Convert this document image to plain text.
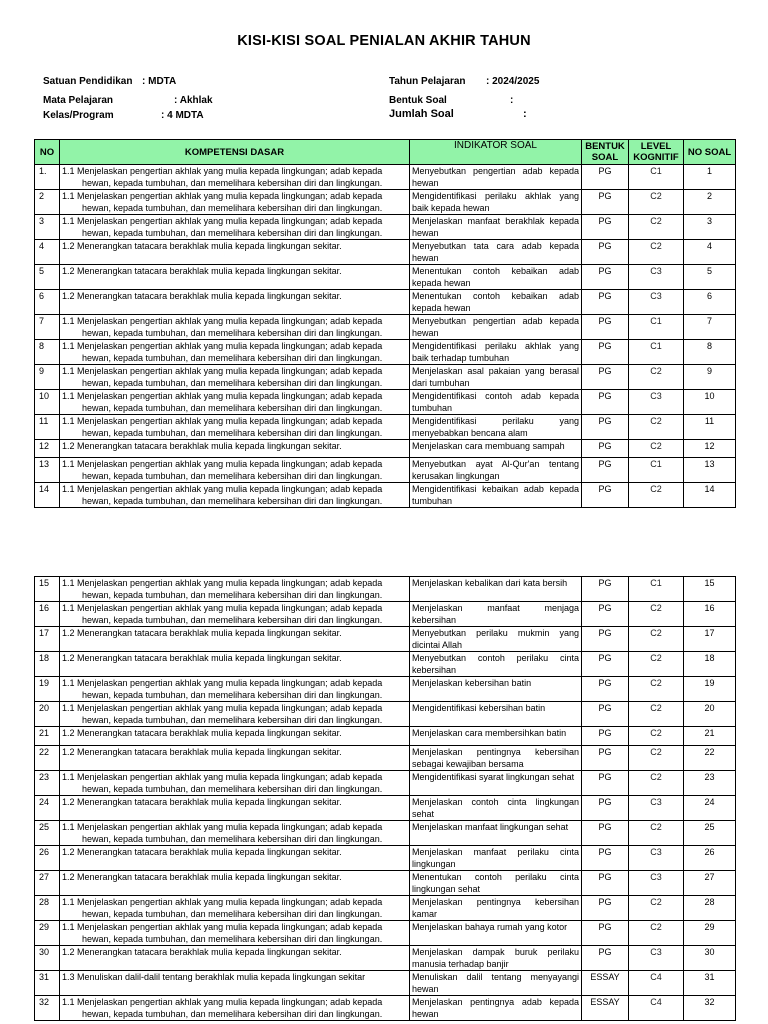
KISI-KISI SOAL PENIALAN AKHIR TAHUN
Satuan Pendidikan : MDTA
Mata Pelajaran	: Akhlak
Kelas/Program	: 4 MDTA
Tahun Pelajaran : 2024/2025
Bentuk Soal	:
Jumlah Soal	:
NO	KOMPETENSI DASAR	INDIKATOR SOAL	BENTUK SOAL	LEVEL KOGNITIF	NO SOAL
1.	1.1 Menjelaskan pengertian akhlak yang mulia kepada lingkungan; adab kepada
hewan, kepada tumbuhan, dan memelihara kebersihan diri dan lingkungan.	Menyebutkan pengertian adab kepada hewan	PG	C1	1
2	1.1 Menjelaskan pengertian akhlak yang mulia kepada lingkungan; adab kepada
hewan, kepada tumbuhan, dan memelihara kebersihan diri dan lingkungan.	Mengidentifikasi perilaku akhlak yang baik kepada hewan	PG	C2	2
3	1.1 Menjelaskan pengertian akhlak yang mulia kepada lingkungan; adab kepada
hewan, kepada tumbuhan, dan memelihara kebersihan diri dan lingkungan.	Menjelaskan manfaat berakhlak kepada hewan	PG	C2	3
4	1.2 Menerangkan tatacara berakhlak mulia kepada lingkungan sekitar.	Menyebutkan tata cara adab kepada hewan	PG	C2	4
5	1.2 Menerangkan tatacara berakhlak mulia kepada lingkungan sekitar.	Menentukan contoh kebaikan adab kepada hewan	PG	C3	5
6	1.2 Menerangkan tatacara berakhlak mulia kepada lingkungan sekitar.	Menentukan contoh kebaikan adab kepada hewan	PG	C3	6
7	1.1 Menjelaskan pengertian akhlak yang mulia kepada lingkungan; adab kepada
hewan, kepada tumbuhan, dan memelihara kebersihan diri dan lingkungan.	Menyebutkan pengertian adab kepada hewan	PG	C1	7
8	1.1 Menjelaskan pengertian akhlak yang mulia kepada lingkungan; adab kepada
hewan, kepada tumbuhan, dan memelihara kebersihan diri dan lingkungan.	Mengidentifikasi perilaku akhlak yang baik terhadap tumbuhan	PG	C1	8
9	1.1 Menjelaskan pengertian akhlak yang mulia kepada lingkungan; adab kepada
hewan, kepada tumbuhan, dan memelihara kebersihan diri dan lingkungan.	Menjelaskan asal pakaian yang berasal dari tumbuhan	PG	C2	9
10	1.1 Menjelaskan pengertian akhlak yang mulia kepada lingkungan; adab kepada
hewan, kepada tumbuhan, dan memelihara kebersihan diri dan lingkungan.	Mengidentifikasi contoh adab kepada tumbuhan	PG	C3	10
11	1.1 Menjelaskan pengertian akhlak yang mulia kepada lingkungan; adab kepada
hewan, kepada tumbuhan, dan memelihara kebersihan diri dan lingkungan.	Mengidentifikasi perilaku yang menyebabkan bencana alam	PG	C2	11
12	1.2 Menerangkan tatacara berakhlak mulia kepada lingkungan sekitar.	Menjelaskan cara membuang sampah	PG	C2	12
13	1.1 Menjelaskan pengertian akhlak yang mulia kepada lingkungan; adab kepada
hewan, kepada tumbuhan, dan memelihara kebersihan diri dan lingkungan.	Menyebutkan ayat Al-Qur'an tentang kerusakan lingkungan	PG	C1	13
14	1.1 Menjelaskan pengertian akhlak yang mulia kepada lingkungan; adab kepada
hewan, kepada tumbuhan, dan memelihara kebersihan diri dan lingkungan.	Mengidentifikasi kebaikan adab kepada tumbuhan	PG	C2	14
15	1.1 Menjelaskan pengertian akhlak yang mulia kepada lingkungan; adab kepada
hewan, kepada tumbuhan, dan memelihara kebersihan diri dan lingkungan.	Menjelaskan kebalikan dari kata bersih	PG	C1	15
16	1.1 Menjelaskan pengertian akhlak yang mulia kepada lingkungan; adab kepada
hewan, kepada tumbuhan, dan memelihara kebersihan diri dan lingkungan.	Menjelaskan manfaat menjaga kebersihan	PG	C2	16
17	1.2 Menerangkan tatacara berakhlak mulia kepada lingkungan sekitar.	Menyebutkan perilaku mukmin yang dicintai Allah	PG	C2	17
18	1.2 Menerangkan tatacara berakhlak mulia kepada lingkungan sekitar.	Menyebutkan contoh perilaku cinta kebersihan	PG	C2	18
19	1.1 Menjelaskan pengertian akhlak yang mulia kepada lingkungan; adab kepada
hewan, kepada tumbuhan, dan memelihara kebersihan diri dan lingkungan.	Menjelaskan kebersihan batin	PG	C2	19
20	1.1 Menjelaskan pengertian akhlak yang mulia kepada lingkungan; adab kepada
hewan, kepada tumbuhan, dan memelihara kebersihan diri dan lingkungan.	Mengidentifikasi kebersihan batin	PG	C2	20
21	1.2 Menerangkan tatacara berakhlak mulia kepada lingkungan sekitar.	Menjelaskan cara membersihkan batin	PG	C2	21
22	1.2 Menerangkan tatacara berakhlak mulia kepada lingkungan sekitar.	Menjelaskan pentingnya kebersihan sebagai kewajiban bersama	PG	C2	22
23	1.1 Menjelaskan pengertian akhlak yang mulia kepada lingkungan; adab kepada
hewan, kepada tumbuhan, dan memelihara kebersihan diri dan lingkungan.	Mengidentifikasi syarat lingkungan sehat	PG	C2	23
24	1.2 Menerangkan tatacara berakhlak mulia kepada lingkungan sekitar.	Menjelaskan contoh cinta lingkungan sehat	PG	C3	24
25	1.1 Menjelaskan pengertian akhlak yang mulia kepada lingkungan; adab kepada
hewan, kepada tumbuhan, dan memelihara kebersihan diri dan lingkungan.	Menjelaskan manfaat lingkungan sehat	PG	C2	25
26	1.2 Menerangkan tatacara berakhlak mulia kepada lingkungan sekitar.	Menjelaskan manfaat perilaku cinta lingkungan	PG	C3	26
27	1.2 Menerangkan tatacara berakhlak mulia kepada lingkungan sekitar.	Menentukan contoh perilaku cinta lingkungan sehat	PG	C3	27
28	1.1 Menjelaskan pengertian akhlak yang mulia kepada lingkungan; adab kepada
hewan, kepada tumbuhan, dan memelihara kebersihan diri dan lingkungan.	Menjelaskan pentingnya kebersihan kamar	PG	C2	28
29	1.1 Menjelaskan pengertian akhlak yang mulia kepada lingkungan; adab kepada
hewan, kepada tumbuhan, dan memelihara kebersihan diri dan lingkungan.	Menjelaskan bahaya rumah yang kotor	PG	C2	29
30	1.2 Menerangkan tatacara berakhlak mulia kepada lingkungan sekitar.	Menjelaskan dampak buruk perilaku manusia terhadap banjir	PG	C3	30
31	1.3 Menuliskan dalil-dalil tentang berakhlak mulia kepada lingkungan sekitar	Menuliskan dalil tentang menyayangi hewan	ESSAY	C4	31
32	1.1 Menjelaskan pengertian akhlak yang mulia kepada lingkungan; adab kepada
hewan, kepada tumbuhan, dan memelihara kebersihan diri dan lingkungan.	Menjelaskan pentingnya adab kepada hewan	ESSAY	C4	32
